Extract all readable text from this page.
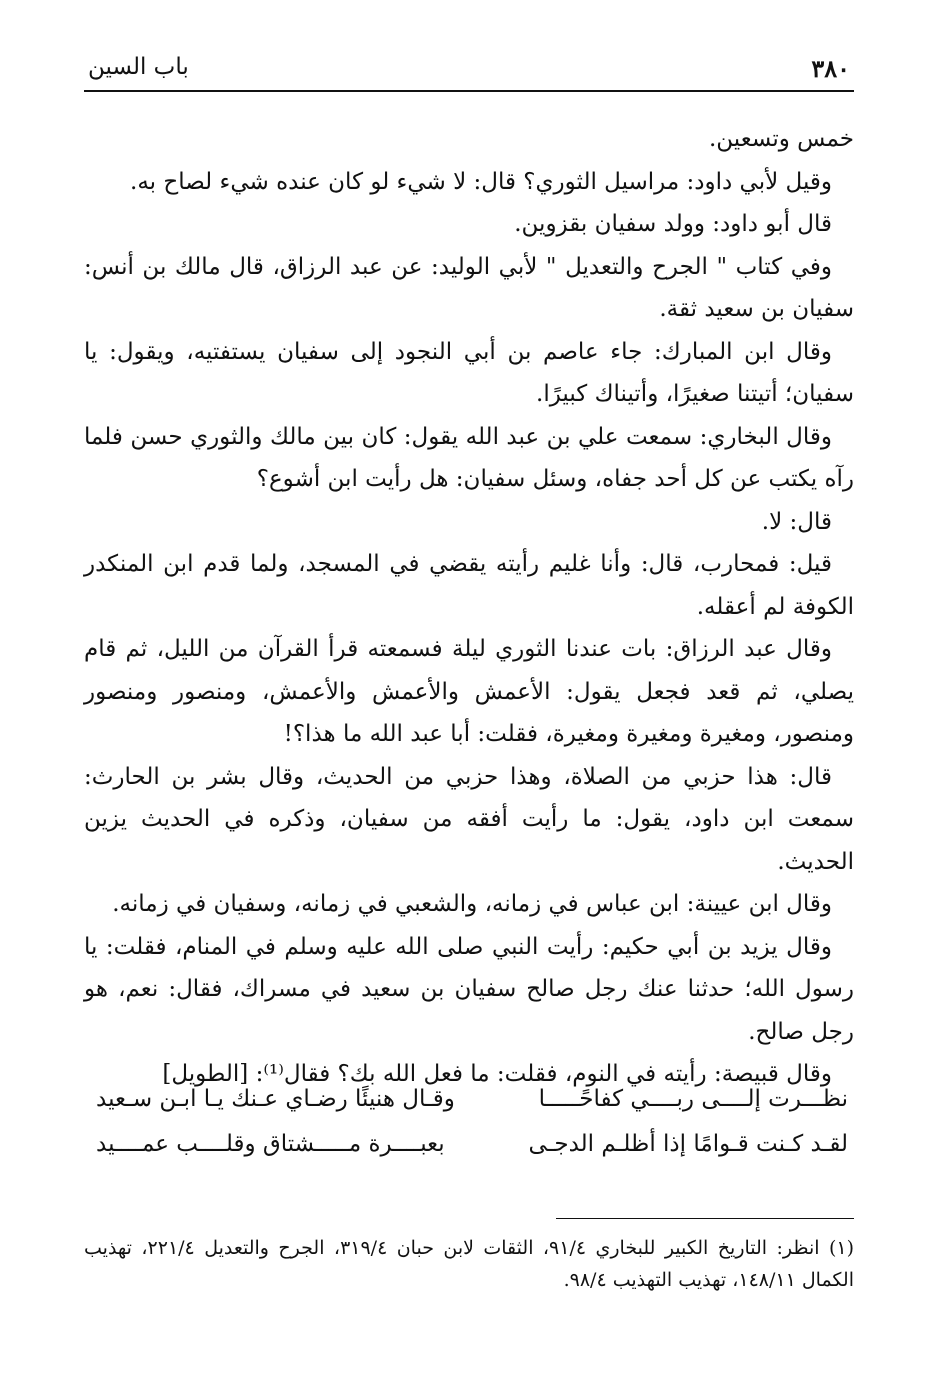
٣٨٠
باب السين

خمس وتسعين.

وقيل لأبي داود: مراسيل الثوري؟ قال: لا شيء لو كان عنده شيء لصاح به.

قال أبو داود: وولد سفيان بقزوين.

وفي كتاب " الجرح والتعديل " لأبي الوليد: عن عبد الرزاق، قال مالك بن أنس: سفيان بن سعيد ثقة.

وقال ابن المبارك: جاء عاصم بن أبي النجود إلى سفيان يستفتيه، ويقول: يا سفيان؛ أتيتنا صغيرًا، وأتيناك كبيرًا.

وقال البخاري: سمعت علي بن عبد الله يقول: كان بين مالك والثوري حسن فلما رآه يكتب عن كل أحد جفاه، وسئل سفيان: هل رأيت ابن أشوع؟

قال: لا.

قيل: فمحارب، قال: وأنا غليم رأيته يقضي في المسجد، ولما قدم ابن المنكدر الكوفة لم أعقله.

وقال عبد الرزاق: بات عندنا الثوري ليلة فسمعته قرأ القرآن من الليل، ثم قام يصلي، ثم قعد فجعل يقول: الأعمش والأعمش والأعمش، ومنصور ومنصور ومنصور، ومغيرة ومغيرة ومغيرة، فقلت: أبا عبد الله ما هذا؟!

قال: هذا حزبي من الصلاة، وهذا حزبي من الحديث، وقال بشر بن الحارث: سمعت ابن داود، يقول: ما رأيت أفقه من سفيان، وذكره في الحديث يزين الحديث.

وقال ابن عيينة: ابن عباس في زمانه، والشعبي في زمانه، وسفيان في زمانه.

وقال يزيد بن أبي حكيم: رأيت النبي صلى الله عليه وسلم في المنام، فقلت: يا رسول الله؛ حدثنا عنك رجل صالح سفيان بن سعيد في مسراك، فقال: نعم، هو رجل صالح.

وقال قبيصة: رأيته في النوم، فقلت: ما فعل الله بك؟ فقال⁽¹⁾: [الطويل]

نظـــرت إلــــى ربــــي كفاحًـــــا
وقـال هنيئًا رضـاي عـنك يـا ابـن سـعيد
لقـد كـنت قـوامًا إذا أظلـم الدجـى
بعبــــرة مـــــشتاق وقلــــب عمــــيد

(١) انظر: التاريخ الكبير للبخاري ٩١/٤، الثقات لابن حبان ٣١٩/٤، الجرح والتعديل ٢٢١/٤، تهذيب الكمال ١٤٨/١١، تهذيب التهذيب ٩٨/٤.
